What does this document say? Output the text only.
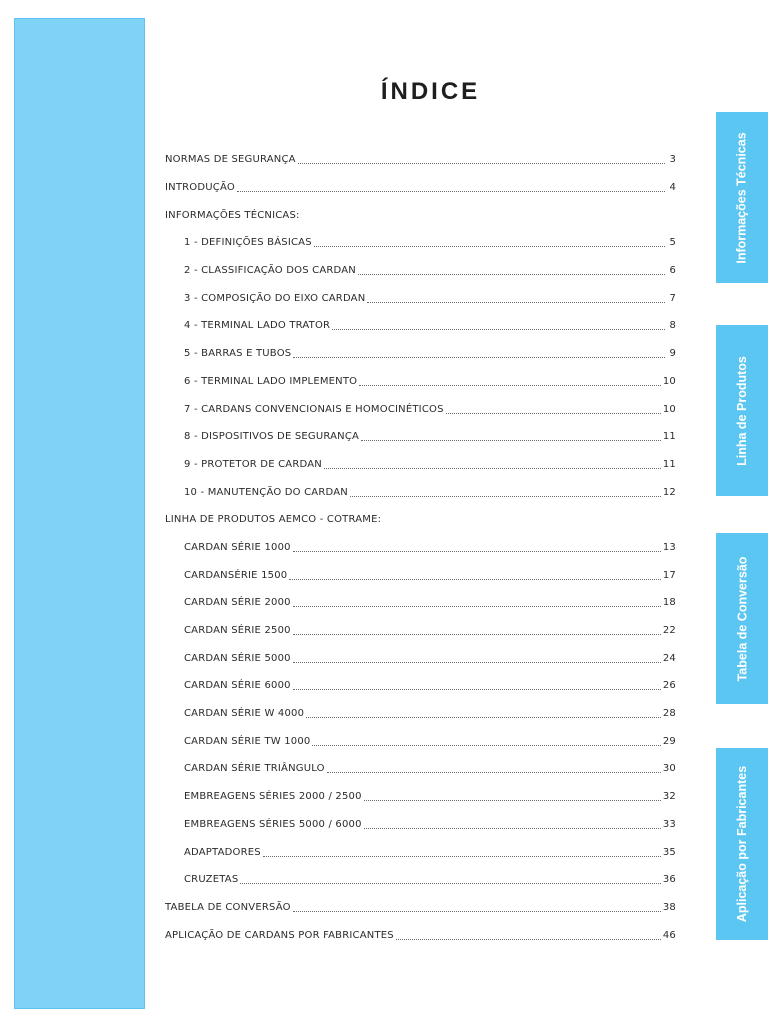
ÍNDICE
NORMAS DE SEGURANÇA	3
INTRODUÇÃO	4
INFORMAÇÕES TÉCNICAS:
1 - DEFINIÇÕES BÁSICAS	5
2 - CLASSIFICAÇÃO DOS CARDAN	6
3 - COMPOSIÇÃO DO EIXO CARDAN	7
4 - TERMINAL LADO TRATOR	8
5 - BARRAS E TUBOS	9
6 - TERMINAL LADO IMPLEMENTO	10
7 - CARDANS CONVENCIONAIS E HOMOCINÉTICOS	10
8 - DISPOSITIVOS DE SEGURANÇA	11
9 - PROTETOR DE CARDAN	11
10 - MANUTENÇÃO DO CARDAN	12
LINHA DE PRODUTOS AEMCO - COTRAME:
CARDAN SÉRIE 1000	13
CARDANSÉRIE 1500	17
CARDAN SÉRIE 2000	18
CARDAN SÉRIE 2500	22
CARDAN SÉRIE 5000	24
CARDAN SÉRIE 6000	26
CARDAN SÉRIE W 4000	28
CARDAN SÉRIE TW 1000	29
CARDAN SÉRIE TRIÂNGULO	30
EMBREAGENS SÉRIES 2000 / 2500	32
EMBREAGENS SÉRIES 5000 / 6000	33
ADAPTADORES	35
CRUZETAS	36
TABELA DE CONVERSÃO	38
APLICAÇÃO DE CARDANS POR FABRICANTES	46
Informações Técnicas
Linha de Produtos
Tabela de Conversão
Aplicação por Fabricantes
